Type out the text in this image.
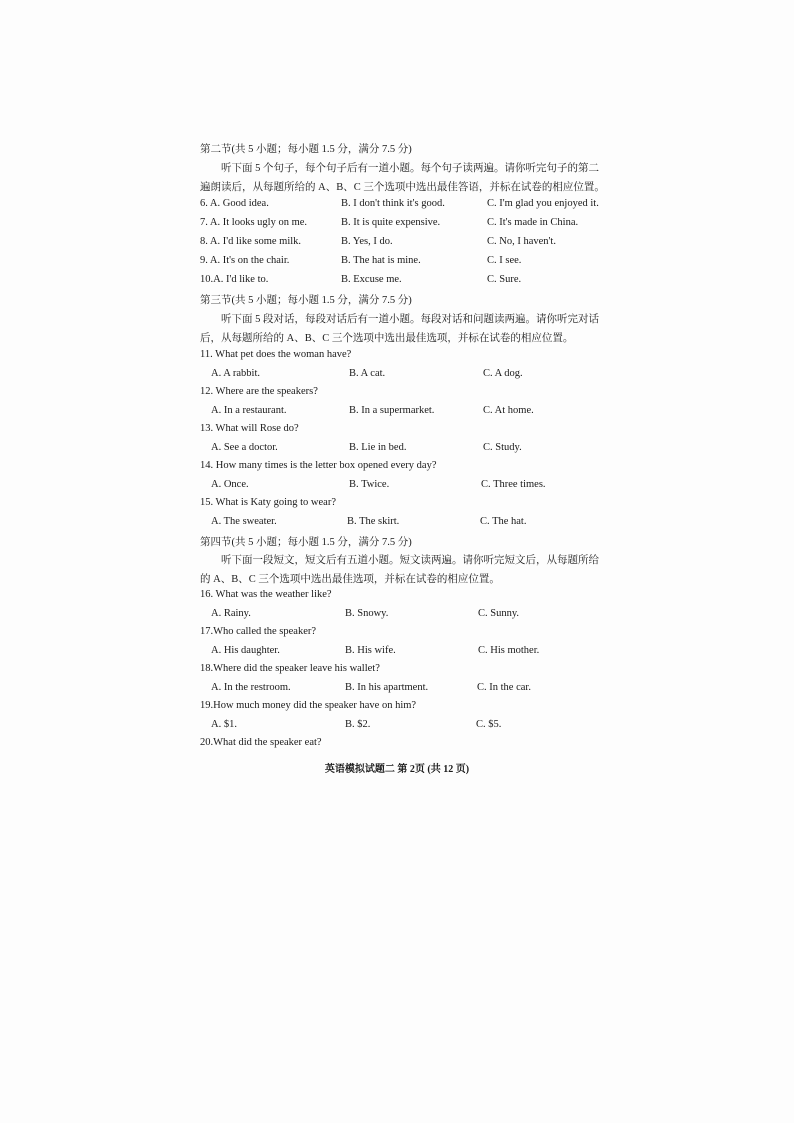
第二节(共 5 小题；每小题 1.5 分，满分 7.5 分)
听下面 5 个句子，每个句子后有一道小题。每个句子读两遍。请你听完句子的第二
遍朗读后，从每题所给的 A、B、C 三个选项中选出最佳答语，并标在试卷的相应位置。
6. A. Good idea.	B. I don't think it's good.	C. I'm glad you enjoyed it.
7. A. It looks ugly on me.	B. It is quite expensive.	C. It's made in China.
8. A. I'd like some milk.	B. Yes, I do.	C. No, I haven't.
9. A. It's on the chair.	B. The hat is mine.	C. I see.
10.A. I'd like to.	B. Excuse me.	C. Sure.
第三节(共 5 小题；每小题 1.5 分，满分 7.5 分)
听下面 5 段对话，每段对话后有一道小题。每段对话和问题读两遍。请你听完对话
后，从每题所给的 A、B、C 三个选项中选出最佳选项，并标在试卷的相应位置。
11. What pet does the woman have?
A. A rabbit.	B. A cat.	C. A dog.
12. Where are the speakers?
A. In a restaurant.	B. In a supermarket.	C. At home.
13. What will Rose do?
A. See a doctor.	B. Lie in bed.	C. Study.
14. How many times is the letter box opened every day?
A. Once.	B. Twice.	C. Three times.
15. What is Katy going to wear?
A. The sweater.	B. The skirt.	C. The hat.
第四节(共 5 小题；每小题 1.5 分，满分 7.5 分)
听下面一段短文，短文后有五道小题。短文读两遍。请你听完短文后，从每题所给
的 A、B、C 三个选项中选出最佳选项，并标在试卷的相应位置。
16. What was the weather like?
A. Rainy.	B. Snowy.	C. Sunny.
17.Who called the speaker?
A. His daughter.	B. His wife.	C. His mother.
18.Where did the speaker leave his wallet?
A. In the restroom.	B. In his apartment.	C. In the car.
19.How much money did the speaker have on him?
A. $1.	B. $2.	C. $5.
20.What did the speaker eat?
英语模拟试题二 第 2页 (共 12 页)
